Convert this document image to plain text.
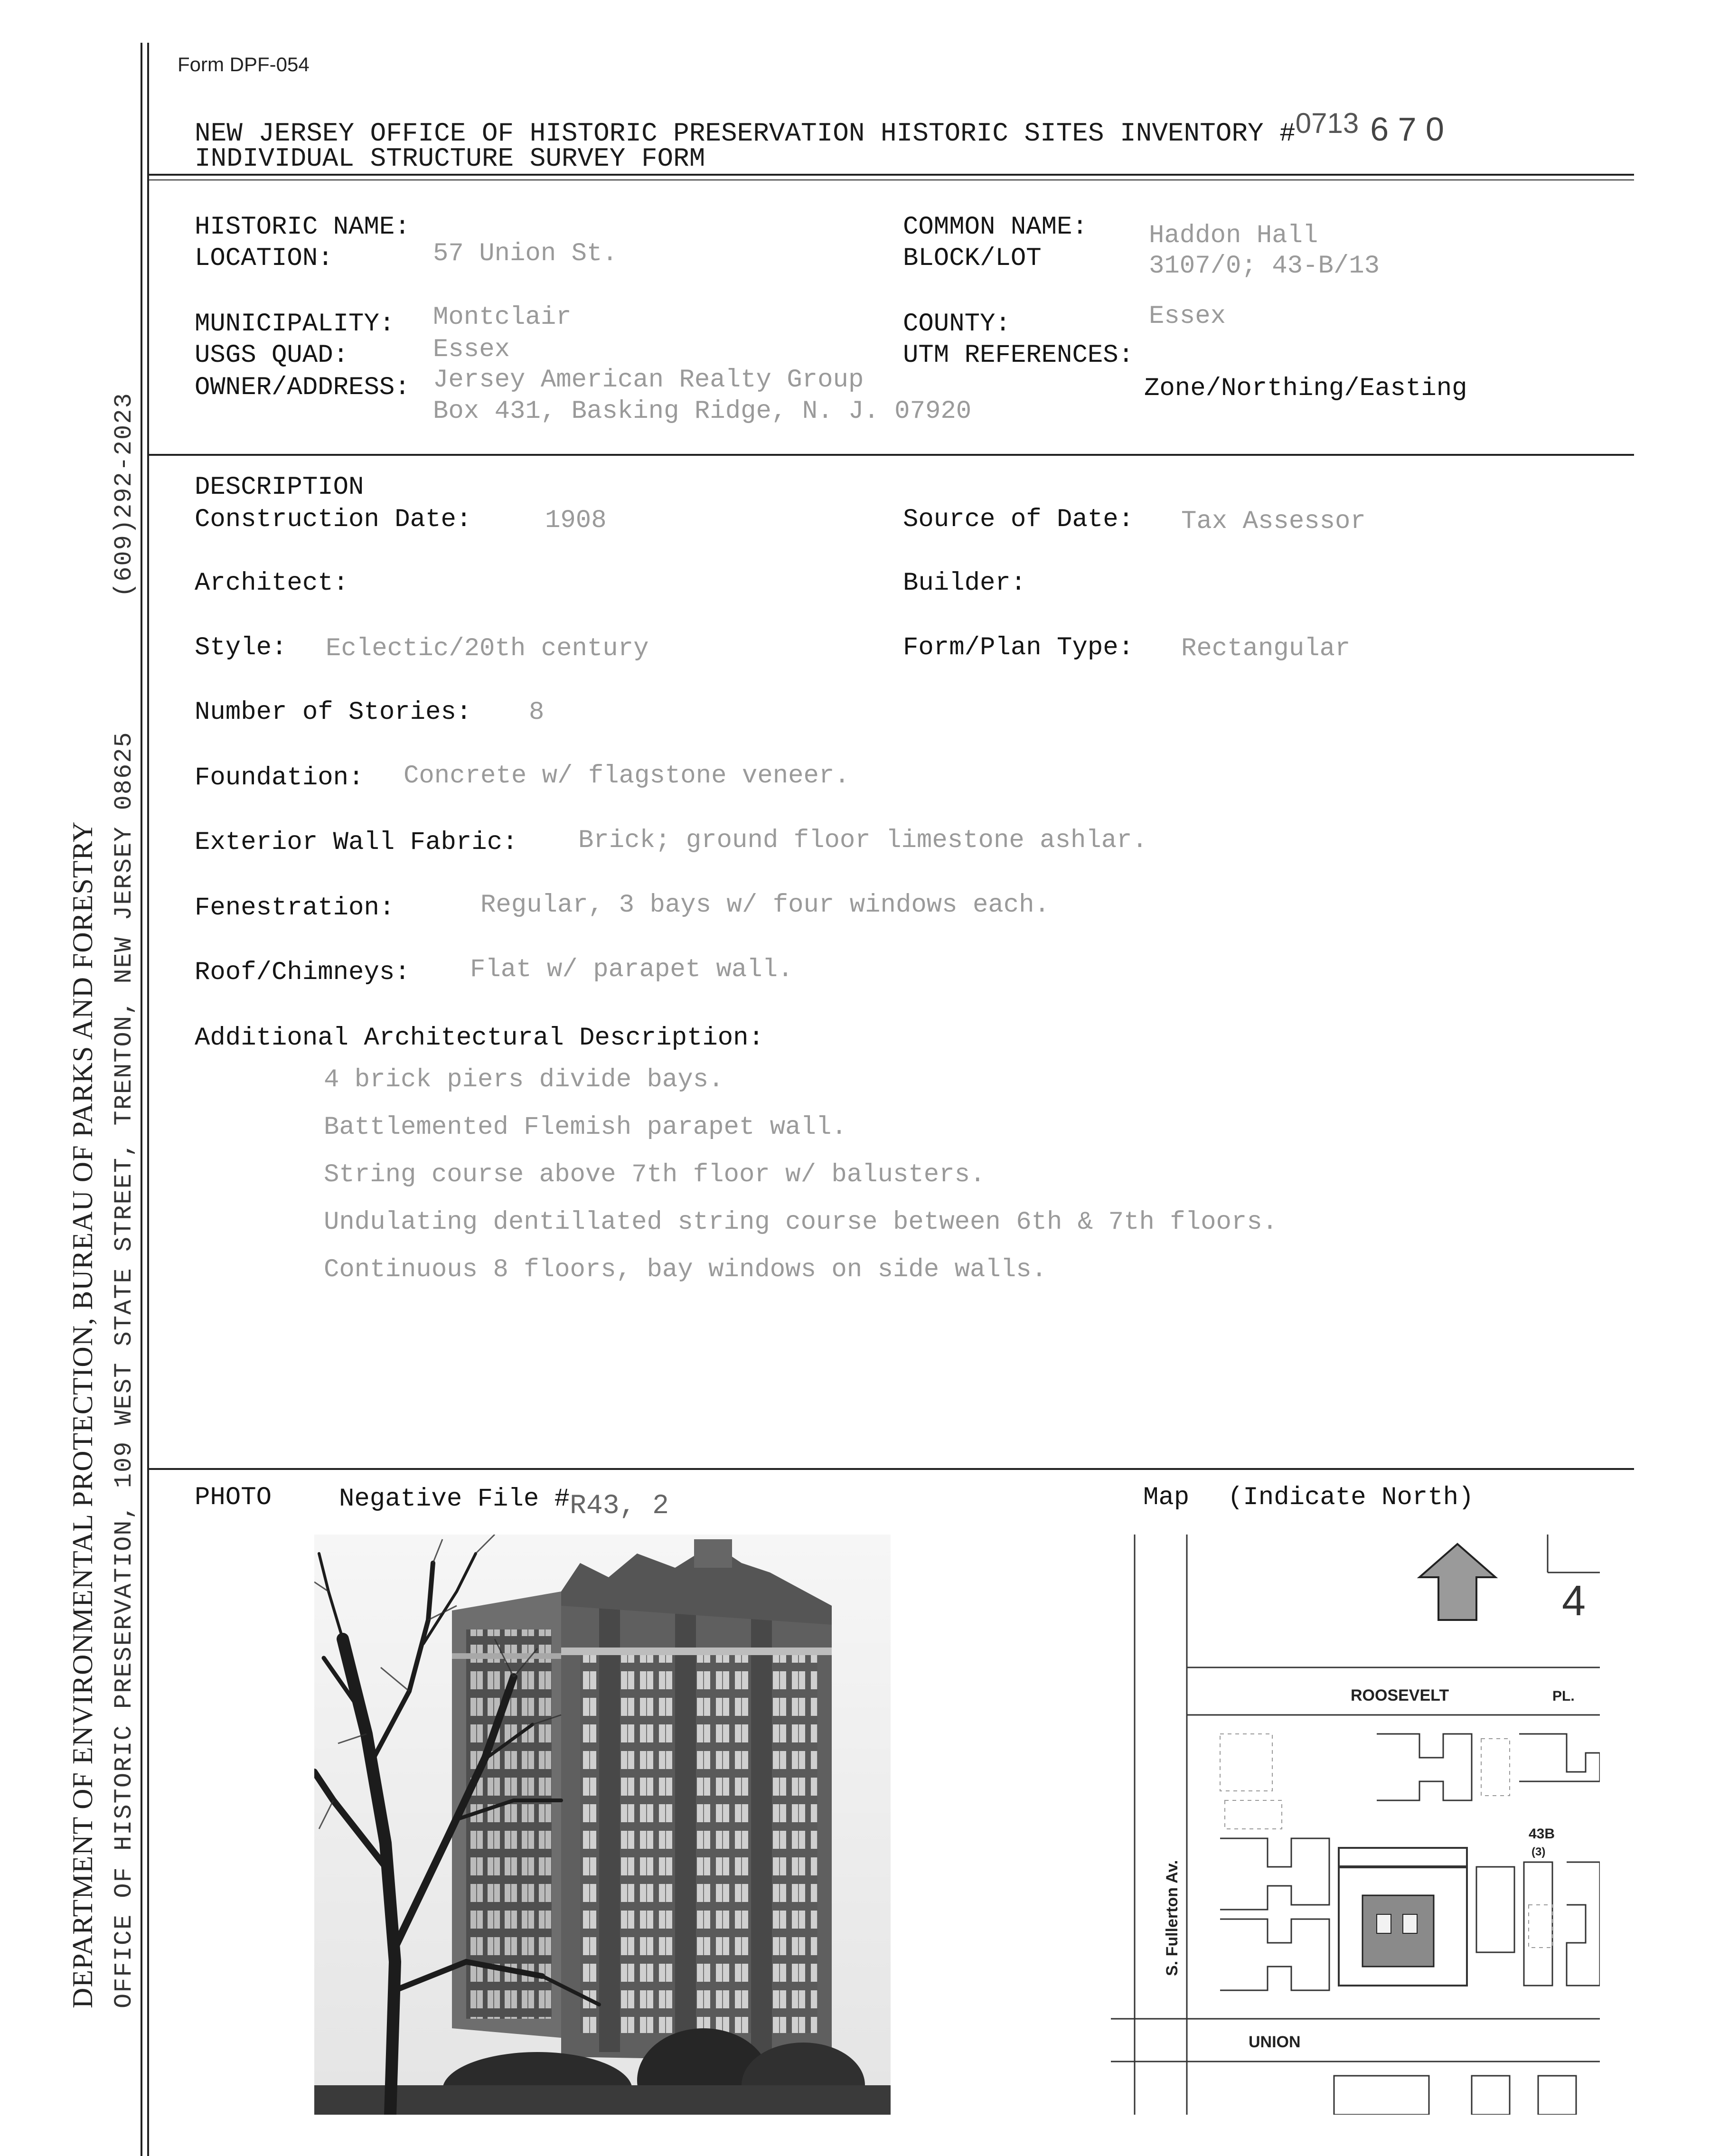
(609)292-2023
DEPARTMENT OF ENVIRONMENTAL PROTECTION, BUREAU OF PARKS AND FORESTRY OFFICE OF HISTORIC PRESERVATION, 109 WEST STATE STREET, TRENTON, NEW JERSEY 08625
Form DPF-054
NEW JERSEY OFFICE OF HISTORIC PRESERVATION HISTORIC SITES INVENTORY #0713 6 7 0
INDIVIDUAL STRUCTURE SURVEY FORM
HISTORIC NAME:
LOCATION:	57 Union St.
COMMON NAME: Haddon Hall
BLOCK/LOT	3107/0; 43-B/13
MUNICIPALITY: Montclair
USGS QUAD:	Essex
OWNER/ADDRESS: Jersey American Realty Group
Box 431, Basking Ridge, N. J. 07920
COUNTY:	Essex
UTM REFERENCES:
Zone/Northing/Easting
DESCRIPTION
Construction Date:	1908	Source of Date: Tax Assessor
Architect:	Builder:
Style: Eclectic/20th century	Form/Plan Type: Rectangular
Number of Stories: 8
Foundation: Concrete w/ flagstone veneer.
Exterior Wall Fabric: Brick; ground floor limestone ashlar.
Fenestration:	Regular, 3 bays w/ four windows each.
Roof/Chimneys: Flat w/ parapet wall.
Additional Architectural Description:
4 brick piers divide bays.
Battlemented Flemish parapet wall.
String course above 7th floor w/ balusters.
Undulating dentillated string course between 6th & 7th floors.
Continuous 8 floors, bay windows on side walls.
PHOTO	Negative File #R43, 2	Map (Indicate North)
ROOSEVELT	PL.
S. Fullerton Av.
UNION
4
43B
(3)
